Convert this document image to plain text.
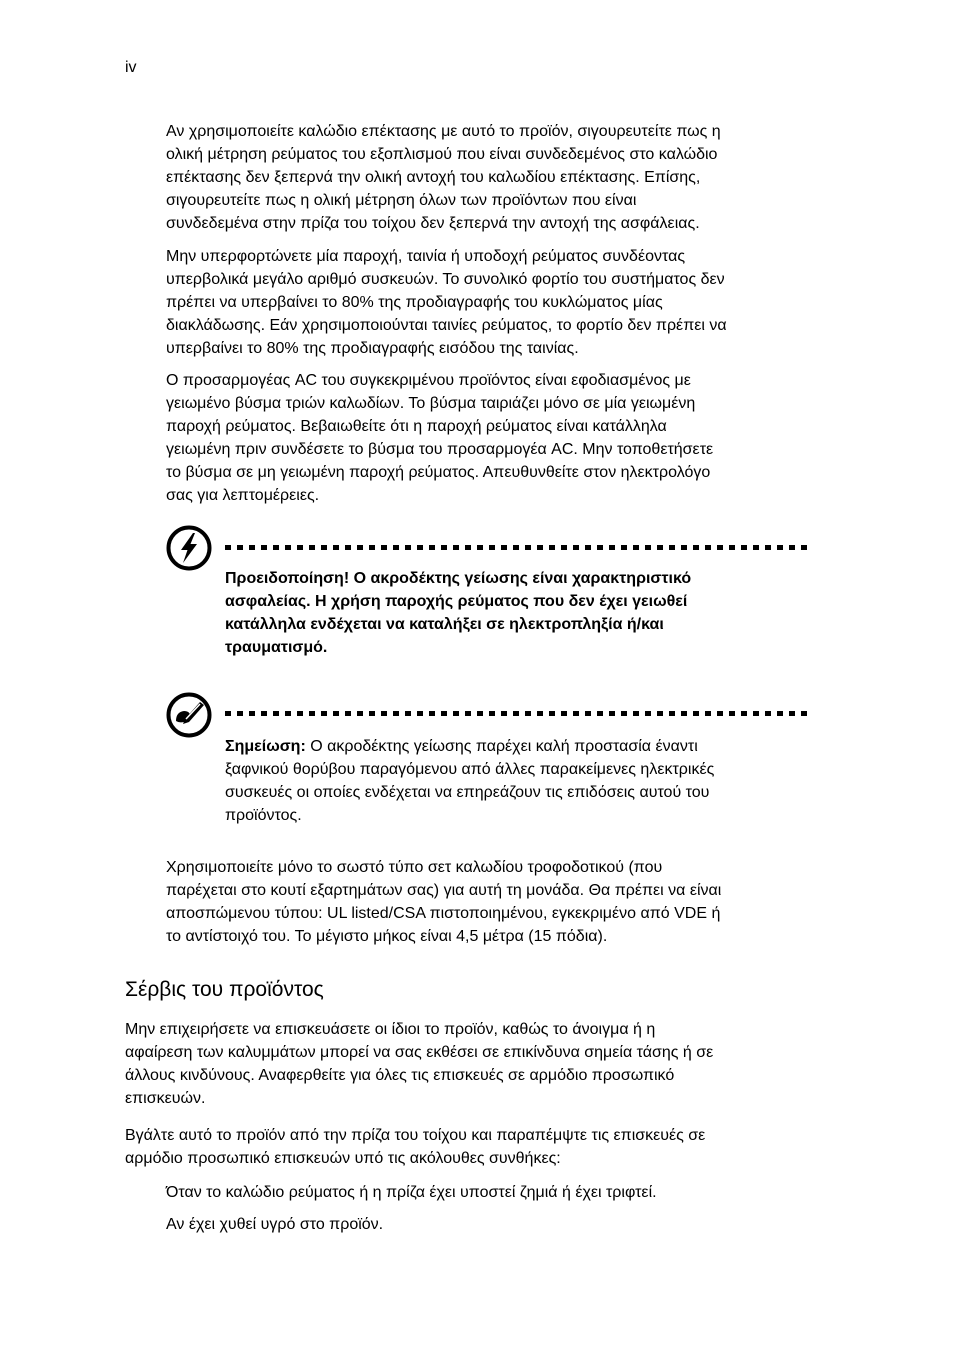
iv
Αν χρησιμοποιείτε καλώδιο επέκτασης με αυτό το προϊόν, σιγουρευτείτε πως η
ολική μέτρηση ρεύματος του εξοπλισμού που είναι συνδεδεμένος στο καλώδιο
επέκτασης δεν ξεπερνά την ολική αντοχή του καλωδίου επέκτασης. Επίσης,
σιγουρευτείτε πως η ολική μέτρηση όλων των προϊόντων που είναι
συνδεδεμένα στην πρίζα του τοίχου δεν ξεπερνά την αντοχή της ασφάλειας.
Μην υπερφορτώνετε μία παροχή, ταινία ή υποδοχή ρεύματος συνδέοντας
υπερβολικά μεγάλο αριθμό συσκευών. Το συνολικό φορτίο του συστήματος δεν
πρέπει να υπερβαίνει το 80% της προδιαγραφής του κυκλώματος μίας
διακλάδωσης. Εάν χρησιμοποιούνται ταινίες ρεύματος, το φορτίο δεν πρέπει να
υπερβαίνει το 80% της προδιαγραφής εισόδου της ταινίας.
Ο προσαρμογέας AC του συγκεκριμένου προϊόντος είναι εφοδιασμένος με
γειωμένο βύσμα τριών καλωδίων. Το βύσμα ταιριάζει μόνο σε μία γειωμένη
παροχή ρεύματος. Βεβαιωθείτε ότι η παροχή ρεύματος είναι κατάλληλα
γειωμένη πριν συνδέσετε το βύσμα του προσαρμογέα AC. Μην τοποθετήσετε
το βύσμα σε μη γειωμένη παροχή ρεύματος. Απευθυνθείτε στον ηλεκτρολόγο
σας για λεπτομέρειες.
Προειδοποίηση! Ο ακροδέκτης γείωσης είναι χαρακτηριστικό
ασφαλείας. Η χρήση παροχής ρεύματος που δεν έχει γειωθεί
κατάλληλα ενδέχεται να καταλήξει σε ηλεκτροπληξία ή/και
τραυματισμό.
Σημείωση: Ο ακροδέκτης γείωσης παρέχει καλή προστασία έναντι
ξαφνικού θορύβου παραγόμενου από άλλες παρακείμενες ηλεκτρικές
συσκευές οι οποίες ενδέχεται να επηρεάζουν τις επιδόσεις αυτού του
προϊόντος.
Χρησιμοποιείτε μόνο το σωστό τύπο σετ καλωδίου τροφοδοτικού (που
παρέχεται στο κουτί εξαρτημάτων σας) για αυτή τη μονάδα. Θα πρέπει να είναι
αποσπώμενου τύπου: UL listed/CSA πιστοποιημένου, εγκεκριμένο από VDE ή
το αντίστοιχό του. Το μέγιστο μήκος είναι 4,5 μέτρα (15 πόδια).
Σέρβις του προϊόντος
Μην επιχειρήσετε να επισκευάσετε οι ίδιοι το προϊόν, καθώς το άνοιγμα ή η
αφαίρεση των καλυμμάτων μπορεί να σας εκθέσει σε επικίνδυνα σημεία τάσης ή σε
άλλους κινδύνους. Αναφερθείτε για όλες τις επισκευές σε αρμόδιο προσωπικό
επισκευών.
Βγάλτε αυτό το προϊόν από την πρίζα του τοίχου και παραπέμψτε τις επισκευές σε
αρμόδιο προσωπικό επισκευών υπό τις ακόλουθες συνθήκες:
Όταν το καλώδιο ρεύματος ή η πρίζα έχει υποστεί ζημιά ή έχει τριφτεί.
Αν έχει χυθεί υγρό στο προϊόν.
